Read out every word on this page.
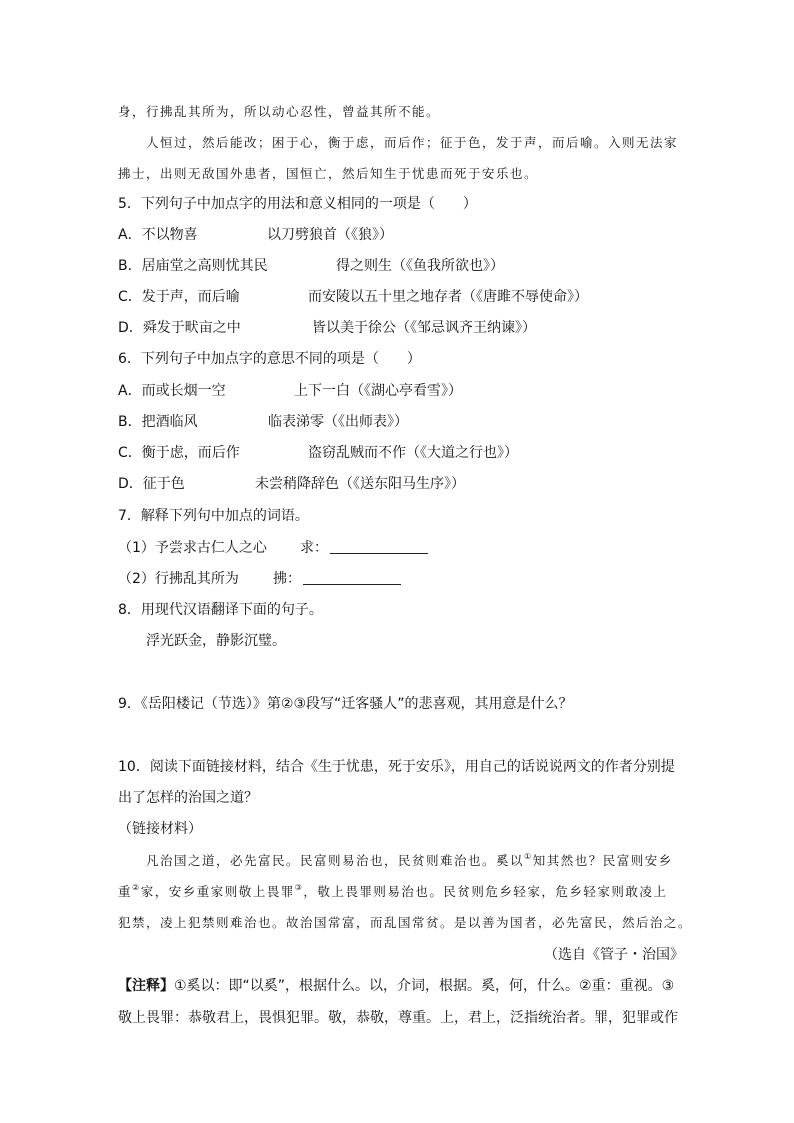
身，行拂乱其所为，所以动心忍性，曾益其所不能。
人恒过，然后能改；困于心，衡于虑，而后作；征于色，发于声，而后喻。入则无法家
拂士，出则无敌国外患者，国恒亡，然后知生于忧患而死于安乐也。
5．下列句子中加点字的用法和意义相同的一项是（　　）
A．不以物喜	以刀劈狼首（《狼》）
B．居庙堂之高则忧其民	得之则生（《鱼我所欲也》）
C．发于声，而后喻	而安陵以五十里之地存者（《唐雎不辱使命》）
D．舜发于畎亩之中	皆以美于徐公（《邹忌讽齐王纳谏》）
6．下列句子中加点字的意思不同的项是（　　）
A．而或长烟一空	上下一白（《湖心亭看雪》）
B．把酒临风	临表涕零（《出师表》）
C．衡于虑，而后作	盗窃乱贼而不作（《大道之行也》）
D．征于色	未尝稍降辞色（《送东阳马生序》）
7．解释下列句中加点的词语。
（1）予尝求古仁人之心 求：
（2）行拂乱其所为 拂：
8．用现代汉语翻译下面的句子。
浮光跃金，静影沉璧。
9．《岳阳楼记（节选）》第②③段写“迁客骚人”的悲喜观，其用意是什么？
10．阅读下面链接材料，结合《生于忧患，死于安乐》，用自己的话说说两文的作者分别提
出了怎样的治国之道？
（链接材料）
凡治国之道，必先富民。民富则易治也，民贫则难治也。奚以①知其然也？民富则安乡
重②家，安乡重家则敬上畏罪③，敬上畏罪则易治也。民贫则危乡轻家，危乡轻家则敢凌上
犯禁，凌上犯禁则难治也。故治国常富，而乱国常贫。是以善为国者，必先富民，然后治之。
（选自《管子・治国》
【注释】①奚以：即“以奚”，根据什么。以，介词，根据。奚，何，什么。②重：重视。③
敬上畏罪：恭敬君上，畏惧犯罪。敬，恭敬，尊重。上，君上，泛指统治者。罪，犯罪或作
